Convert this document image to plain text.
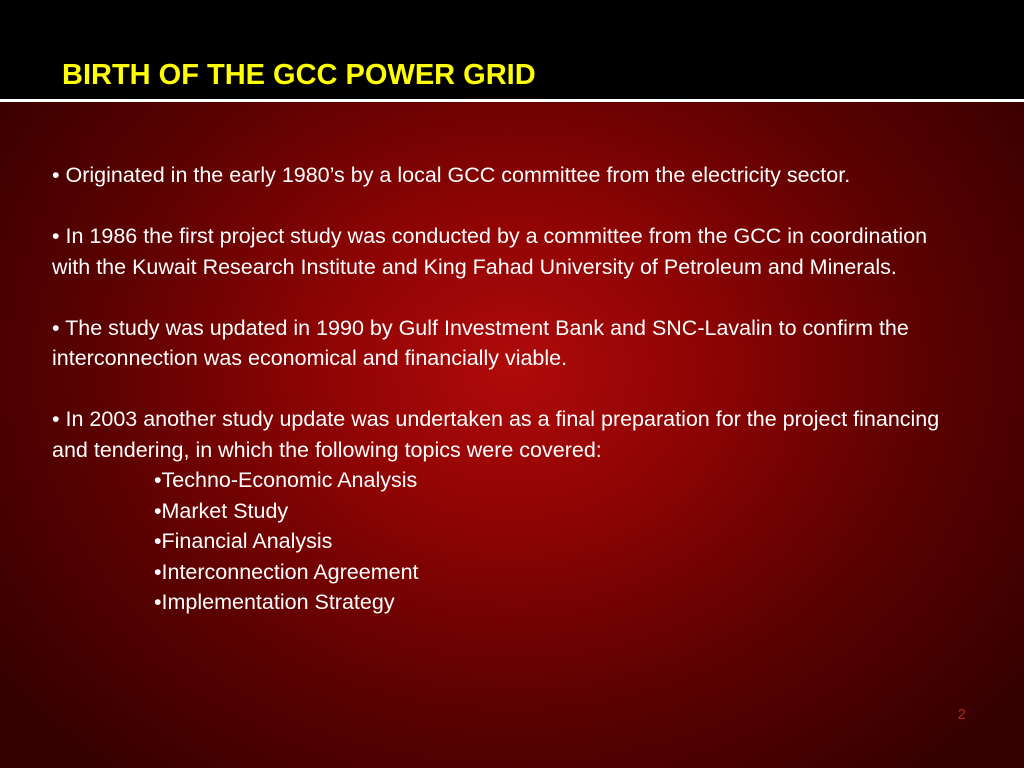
BIRTH OF THE GCC POWER GRID

• Originated in the early 1980’s by a local GCC committee from the electricity sector.

• In 1986 the first project study was conducted by a committee from the GCC in coordination with the Kuwait Research Institute and King Fahad University of Petroleum and Minerals.

• The study was updated in 1990 by Gulf Investment Bank and SNC-Lavalin to confirm the interconnection was economical and financially viable.

• In 2003 another study update was undertaken as a final preparation for the project financing and tendering, in which the following topics were covered:

•Techno-Economic Analysis
•Market Study
•Financial Analysis
•Interconnection Agreement
•Implementation Strategy
2
